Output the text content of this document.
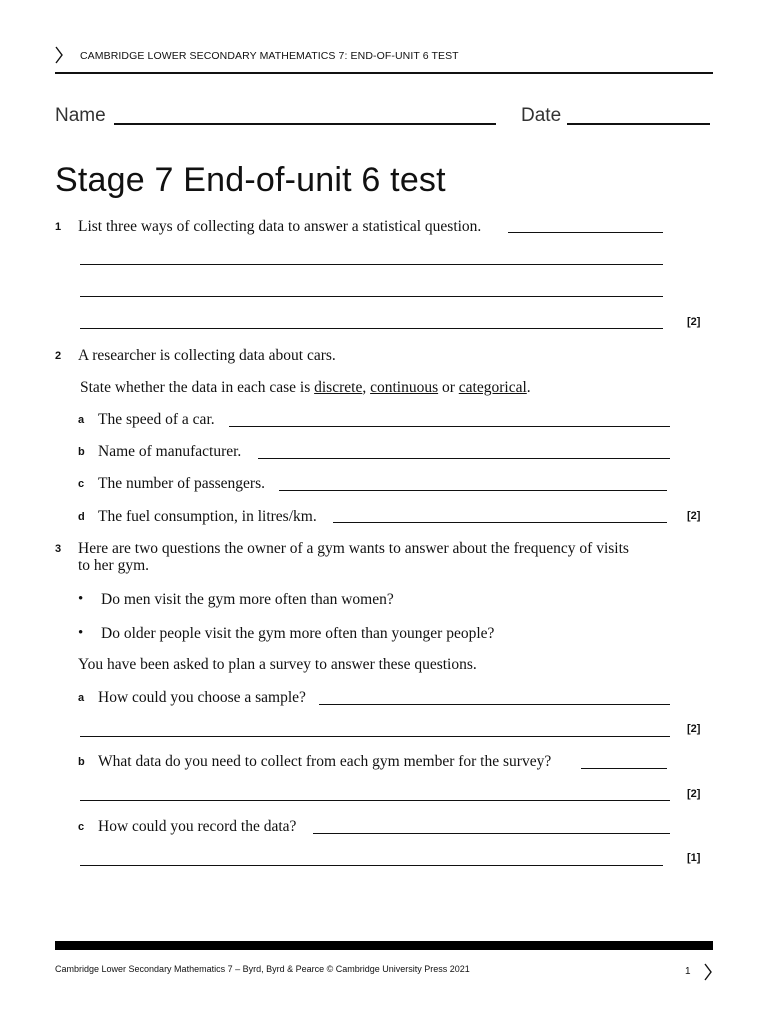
CAMBRIDGE LOWER SECONDARY MATHEMATICS 7: END-OF-UNIT 6 TEST
Name	Date
Stage 7 End-of-unit 6 test
1 List three ways of collecting data to answer a statistical question.
[2]
2 A researcher is collecting data about cars.
State whether the data in each case is discrete, continuous or categorical.
a The speed of a car.
b Name of manufacturer.
c The number of passengers.
d The fuel consumption, in litres/km.	[2]
3 Here are two questions the owner of a gym wants to answer about the frequency of visits
to her gym.
• Do men visit the gym more often than women?
• Do older people visit the gym more often than younger people?
You have been asked to plan a survey to answer these questions.
a How could you choose a sample?
[2]
b What data do you need to collect from each gym member for the survey?
[2]
c How could you record the data?
[1]
Cambridge Lower Secondary Mathematics 7 – Byrd, Byrd & Pearce © Cambridge University Press 2021	1
